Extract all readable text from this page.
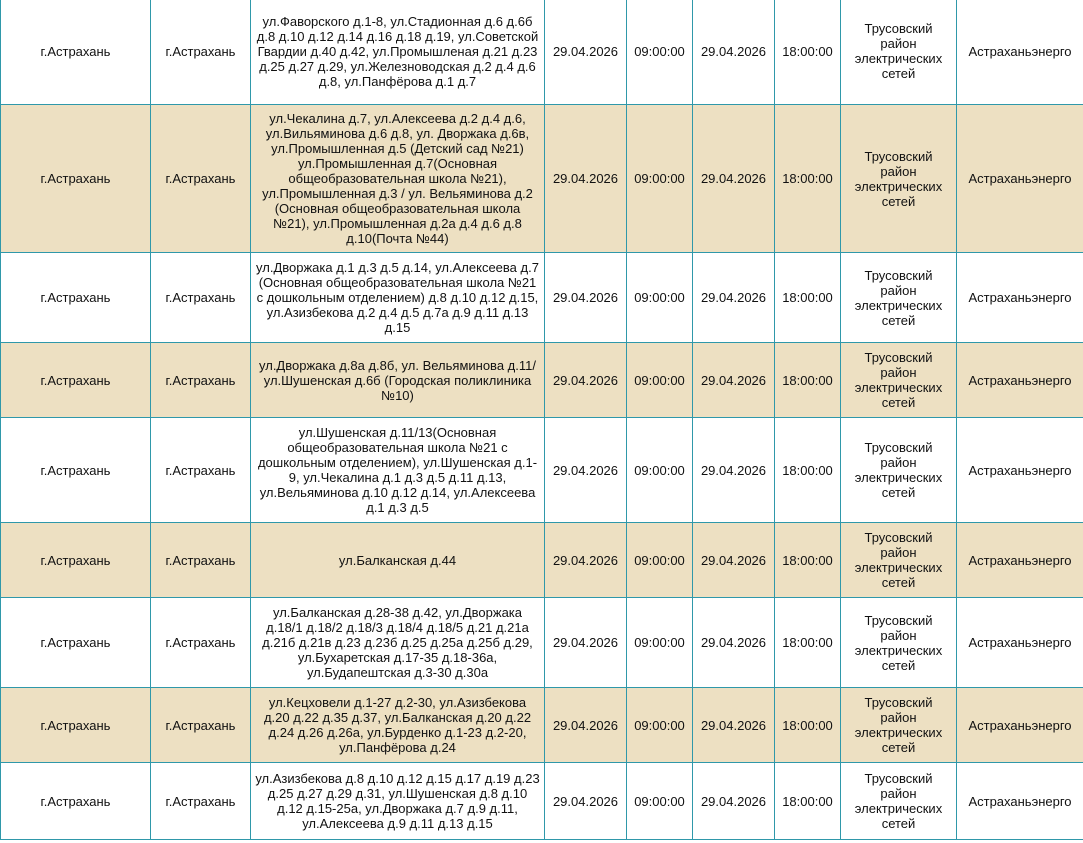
г.Астрахань	г.Астрахань	ул.Фаворского д.1-8, ул.Стадионная д.6 д.6б д.8 д.10 д.12 д.14 д.16 д.18 д.19, ул.Советской Гвардии д.40 д.42, ул.Промышленая д.21 д.23 д.25 д.27 д.29, ул.Железноводская д.2 д.4 д.6 д.8, ул.Панфёрова д.1 д.7	29.04.2026	09:00:00	29.04.2026	18:00:00	Трусовский район электрических сетей	Астраханьэнерго
г.Астрахань	г.Астрахань	ул.Чекалина д.7, ул.Алексеева д.2 д.4 д.6, ул.Вильяминова д.6 д.8, ул. Дворжака д.6в, ул.Промышленная д.5 (Детский сад №21) ул.Промышленная д.7(Основная общеобразовательная школа №21), ул.Промышленная д.3 / ул. Вельяминова д.2 (Основная общеобразовательная школа №21), ул.Промышленная д.2а д.4 д.6 д.8 д.10(Почта №44)	29.04.2026	09:00:00	29.04.2026	18:00:00	Трусовский район электрических сетей	Астраханьэнерго
г.Астрахань	г.Астрахань	ул.Дворжака д.1 д.3 д.5 д.14, ул.Алексеева д.7 (Основная общеобразовательная школа №21 с дошкольным отделением) д.8 д.10 д.12 д.15, ул.Азизбекова д.2 д.4 д.5 д.7а д.9 д.11 д.13 д.15	29.04.2026	09:00:00	29.04.2026	18:00:00	Трусовский район электрических сетей	Астраханьэнерго
г.Астрахань	г.Астрахань	ул.Дворжака д.8а д.8б, ул. Вельяминова д.11/ул.Шушенская д.6б (Городская поликлиника №10)	29.04.2026	09:00:00	29.04.2026	18:00:00	Трусовский район электрических сетей	Астраханьэнерго
г.Астрахань	г.Астрахань	ул.Шушенская д.11/13(Основная общеобразовательная школа №21 с дошкольным отделением), ул.Шушенская д.1-9, ул.Чекалина д.1 д.3 д.5 д.11 д.13, ул.Вельяминова д.10 д.12 д.14, ул.Алексеева д.1 д.3 д.5	29.04.2026	09:00:00	29.04.2026	18:00:00	Трусовский район электрических сетей	Астраханьэнерго
г.Астрахань	г.Астрахань	ул.Балканская д.44	29.04.2026	09:00:00	29.04.2026	18:00:00	Трусовский район электрических сетей	Астраханьэнерго
г.Астрахань	г.Астрахань	ул.Балканская д.28-38 д.42, ул.Дворжака д.18/1 д.18/2 д.18/3 д.18/4 д.18/5 д.21 д.21а д.21б д.21в д.23 д.23б д.25 д.25а д.25б д.29, ул.Бухаретская д.17-35 д.18-36а, ул.Будапештская д.3-30 д.30а	29.04.2026	09:00:00	29.04.2026	18:00:00	Трусовский район электрических сетей	Астраханьэнерго
г.Астрахань	г.Астрахань	ул.Кецховели д.1-27 д.2-30, ул.Азизбекова д.20 д.22 д.35 д.37, ул.Балканская д.20 д.22 д.24 д.26 д.26а, ул.Бурденко д.1-23 д.2-20, ул.Панфёрова д.24	29.04.2026	09:00:00	29.04.2026	18:00:00	Трусовский район электрических сетей	Астраханьэнерго
г.Астрахань	г.Астрахань	ул.Азизбекова д.8 д.10 д.12 д.15 д.17 д.19 д.23 д.25 д.27 д.29 д.31, ул.Шушенская д.8 д.10 д.12 д.15-25а, ул.Дворжака д.7 д.9 д.11, ул.Алексеева д.9 д.11 д.13 д.15	29.04.2026	09:00:00	29.04.2026	18:00:00	Трусовский район электрических сетей	Астраханьэнерго
